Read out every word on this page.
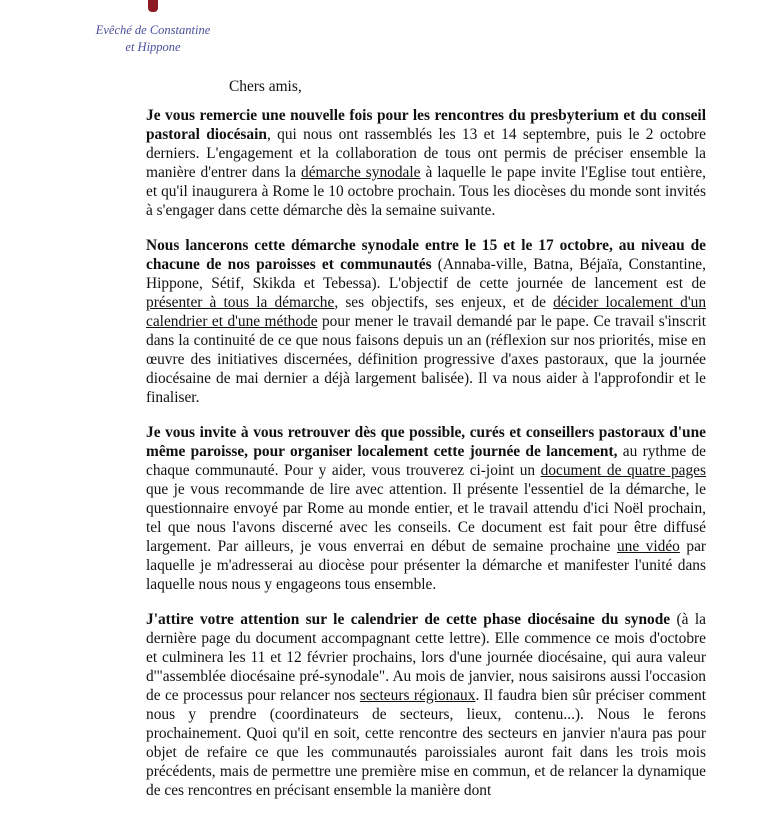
Evêché de Constantine
et Hippone
Chers amis,

Je vous remercie une nouvelle fois pour les rencontres du presbyterium et du conseil pastoral diocésain, qui nous ont rassemblés les 13 et 14 septembre, puis le 2 octobre derniers. L'engagement et la collaboration de tous ont permis de préciser ensemble la manière d'entrer dans la démarche synodale à laquelle le pape invite l'Eglise tout entière, et qu'il inaugurera à Rome le 10 octobre prochain. Tous les diocèses du monde sont invités à s'engager dans cette démarche dès la semaine suivante.

Nous lancerons cette démarche synodale entre le 15 et le 17 octobre, au niveau de chacune de nos paroisses et communautés (Annaba-ville, Batna, Béjaïa, Constantine, Hippone, Sétif, Skikda et Tebessa). L'objectif de cette journée de lancement est de présenter à tous la démarche, ses objectifs, ses enjeux, et de décider localement d'un calendrier et d'une méthode pour mener le travail demandé par le pape. Ce travail s'inscrit dans la continuité de ce que nous faisons depuis un an (réflexion sur nos priorités, mise en œuvre des initiatives discernées, définition progressive d'axes pastoraux, que la journée diocésaine de mai dernier a déjà largement balisée). Il va nous aider à l'approfondir et le finaliser.

Je vous invite à vous retrouver dès que possible, curés et conseillers pastoraux d'une même paroisse, pour organiser localement cette journée de lancement, au rythme de chaque communauté. Pour y aider, vous trouverez ci-joint un document de quatre pages que je vous recommande de lire avec attention. Il présente l'essentiel de la démarche, le questionnaire envoyé par Rome au monde entier, et le travail attendu d'ici Noël prochain, tel que nous l'avons discerné avec les conseils. Ce document est fait pour être diffusé largement. Par ailleurs, je vous enverrai en début de semaine prochaine une vidéo par laquelle je m'adresserai au diocèse pour présenter la démarche et manifester l'unité dans laquelle nous nous y engageons tous ensemble.

J'attire votre attention sur le calendrier de cette phase diocésaine du synode (à la dernière page du document accompagnant cette lettre). Elle commence ce mois d'octobre et culminera les 11 et 12 février prochains, lors d'une journée diocésaine, qui aura valeur d'"assemblée diocésaine pré-synodale". Au mois de janvier, nous saisirons aussi l'occasion de ce processus pour relancer nos secteurs régionaux. Il faudra bien sûr préciser comment nous y prendre (coordinateurs de secteurs, lieux, contenu...). Nous le ferons prochainement. Quoi qu'il en soit, cette rencontre des secteurs en janvier n'aura pas pour objet de refaire ce que les communautés paroissiales auront fait dans les trois mois précédents, mais de permettre une première mise en commun, et de relancer la dynamique de ces rencontres en précisant ensemble la manière dont
